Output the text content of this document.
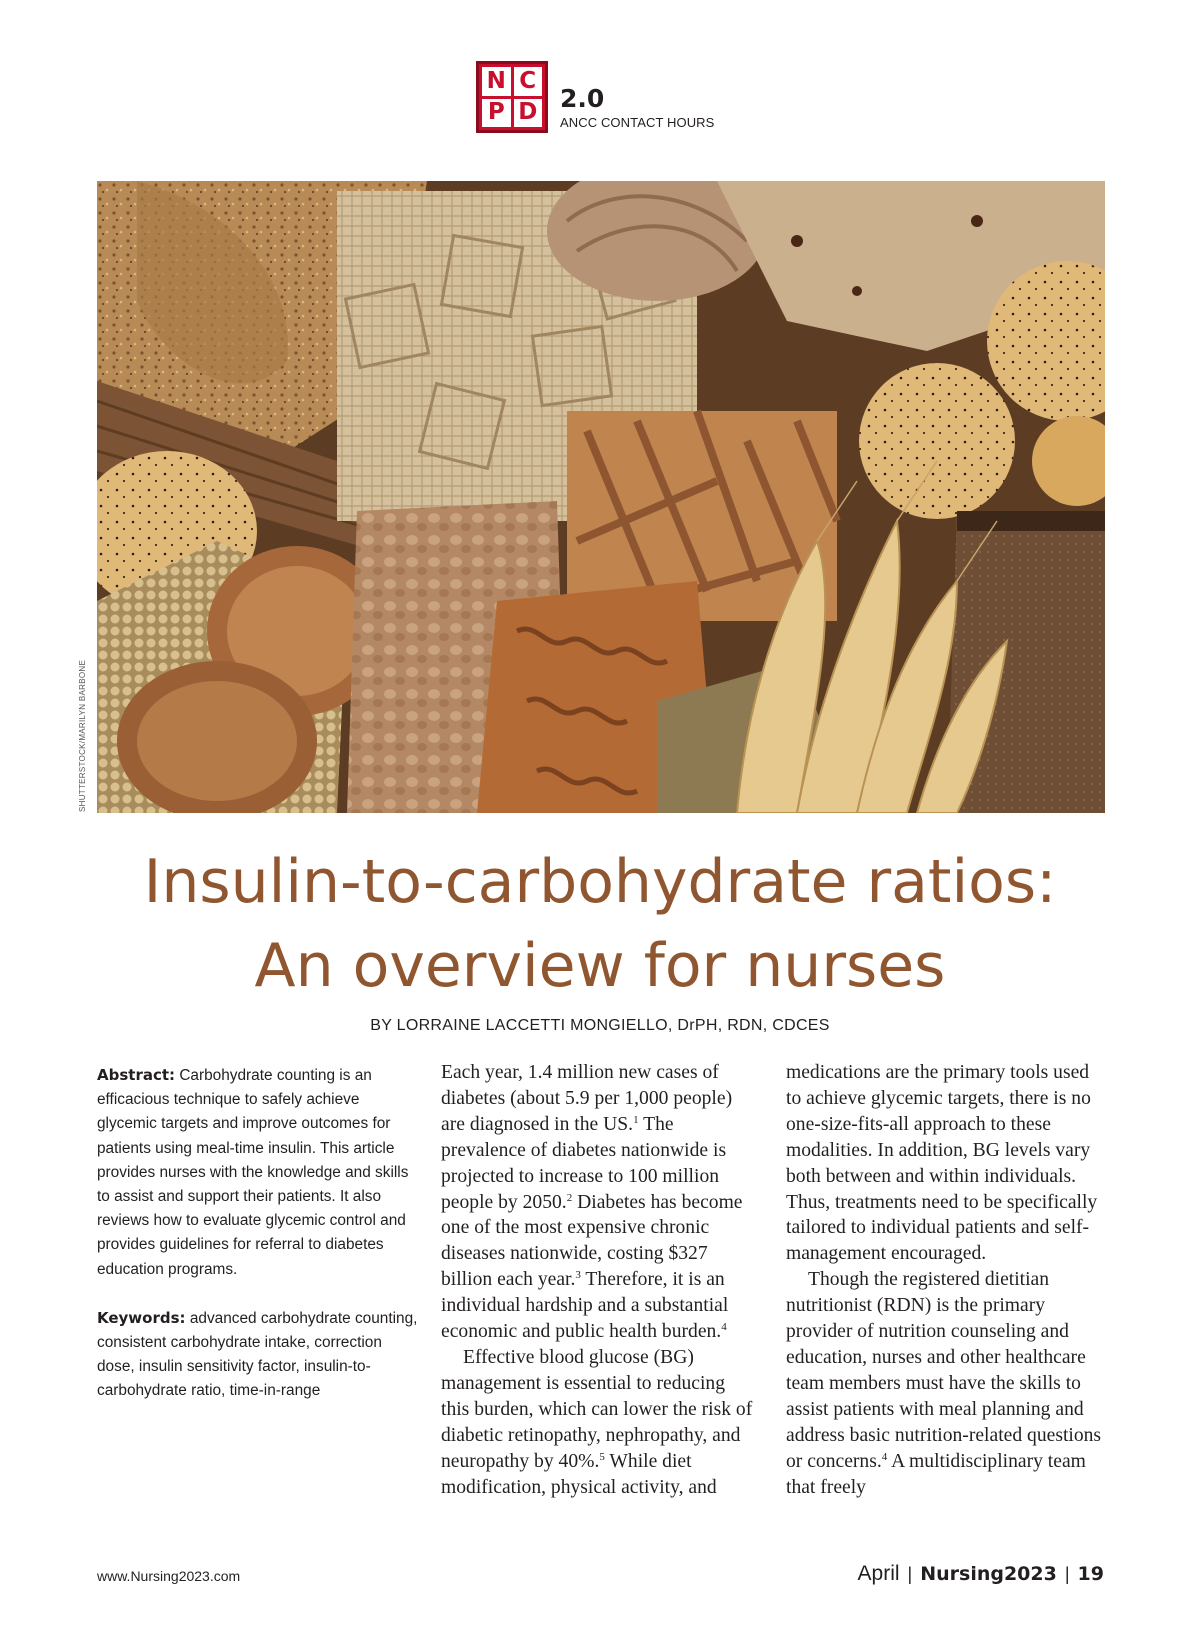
N C
P D 2.0
ANCC CONTACT HOURS
SHUTTERSTOCK/MARILYN BARBONE
Insulin-to-carbohydrate ratios:
An overview for nurses
BY LORRAINE LACCETTI MONGIELLO, DrPH, RDN, CDCES

Abstract: Carbohydrate counting is an efficacious technique to safely achieve glycemic targets and improve outcomes for patients using meal-time insulin. This article provides nurses with the knowledge and skills to assist and support their patients. It also reviews how to evaluate glycemic control and provides guidelines for referral to diabetes education programs.

Keywords: advanced carbohydrate counting, consistent carbohydrate intake, correction dose, insulin sensitivity factor, insulin-to-carbohydrate ratio, time-in-range

Each year, 1.4 million new cases of diabetes (about 5.9 per 1,000 people) are diagnosed in the US.$^1$ The prevalence of diabetes nationwide is projected to increase to 100 million people by 2050.$^2$ Diabetes has become one of the most expensive chronic diseases nationwide, costing $327 billion each year.$^3$ Therefore, it is an individual hardship and a substantial economic and public health burden.$^4$

Effective blood glucose (BG) management is essential to reducing this burden, which can lower the risk of diabetic retinopathy, nephropathy, and neuropathy by 40%.$^5$ While diet modification, physical activity, and

medications are the primary tools used to achieve glycemic targets, there is no one-size-fits-all approach to these modalities. In addition, BG levels vary both between and within individuals. Thus, treatments need to be specifically tailored to individual patients and self-management encouraged.

Though the registered dietitian nutritionist (RDN) is the primary provider of nutrition counseling and education, nurses and other healthcare team members must have the skills to assist patients with meal planning and address basic nutrition-related questions or concerns.$^4$ A multidisciplinary team that freely

www.Nursing2023.com	April | Nursing2023 | 19
